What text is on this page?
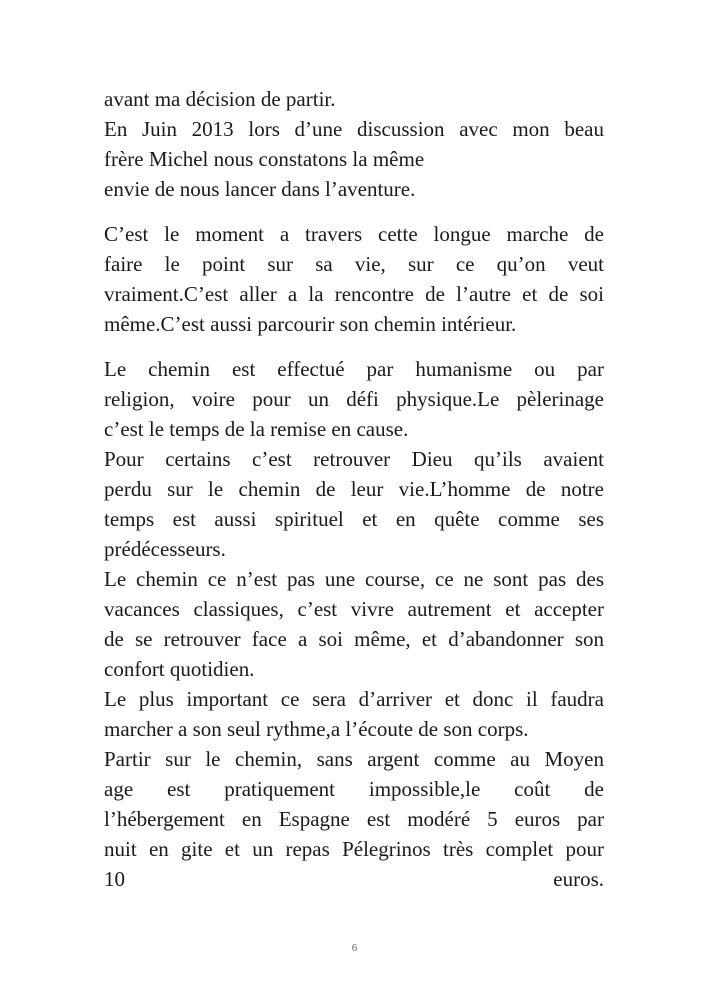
avant ma décision de partir.
En Juin 2013 lors d’une discussion avec mon beau
frère Michel nous constatons la même
envie de nous lancer dans l’aventure.
C’est le moment a travers cette longue marche de
faire le point sur sa vie, sur ce qu’on veut
vraiment.C’est aller a la rencontre de l’autre et de soi
même.C’est aussi parcourir son chemin intérieur.
Le chemin est effectué par humanisme ou par
religion, voire pour un défi physique.Le pèlerinage
c’est le temps de la remise en cause.
Pour certains c’est retrouver Dieu qu’ils avaient
perdu sur le chemin de leur vie.L’homme de notre
temps est aussi spirituel et en quête comme ses
prédécesseurs.
Le chemin ce n’est pas une course, ce ne sont pas des
vacances classiques, c’est vivre autrement et accepter
de se retrouver face a soi même, et d’abandonner son
confort quotidien.
Le plus important ce sera d’arriver et donc il faudra
marcher a son seul rythme,a l’écoute de son corps.
Partir sur le chemin, sans argent comme au Moyen
age est pratiquement impossible,le coût de
l’hébergement en Espagne est modéré 5 euros par
nuit en gite et un repas Pélegrinos très complet pour
10 euros.
6
